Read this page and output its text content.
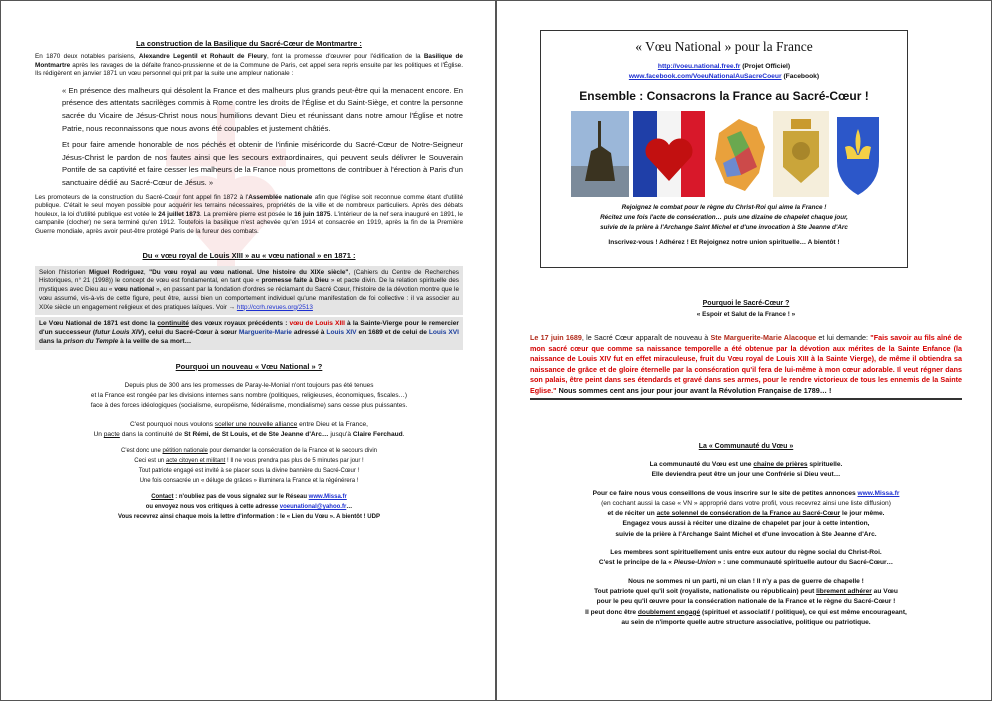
La construction de la Basilique du Sacré-Cœur de Montmartre :

En 1870 deux notables parisiens, Alexandre Legentil et Rohault de Fleury, font la promesse d'œuvrer pour l'édification de la Basilique de Montmartre après les ravages de la défaite franco-prussienne et de la Commune de Paris, cet appel sera repris ensuite par les politiques et l'Église. Ils rédigèrent en janvier 1871 un vœu personnel qui prit par la suite une ampleur nationale :

« En présence des malheurs qui désolent la France et des malheurs plus grands peut-être qui la menacent encore. En présence des attentats sacrilèges commis à Rome contre les droits de l'Église et du Saint-Siège, et contre la personne sacrée du Vicaire de Jésus-Christ nous nous humilions devant Dieu et réunissant dans notre amour l'Église et notre Patrie, nous reconnaissons que nous avons été coupables et justement châtiés.

Et pour faire amende honorable de nos péchés et obtenir de l'infinie miséricorde du Sacré-Cœur de Notre-Seigneur Jésus-Christ le pardon de nos fautes ainsi que les secours extraordinaires, qui peuvent seuls délivrer le Souverain Pontife de sa captivité et faire cesser les malheurs de la France nous promettons de contribuer à l'érection à Paris d'un sanctuaire dédié au Sacré-Cœur de Jésus. »

Les promoteurs de la construction du Sacré-Cœur font appel fin 1872 à l'Assemblée nationale afin que l'église soit reconnue comme étant d'utilité publique. C'était le seul moyen possible pour acquérir les terrains nécessaires, propriétés de la ville et de nombreux particuliers. Après des débats houleux, la loi d'utilité publique est votée le 24 juillet 1873. La première pierre est posée le 16 juin 1875. L'intérieur de la nef sera inauguré en 1891, le campanile (clocher) ne sera terminé qu'en 1912. Toutefois la basilique n'est achevée qu'en 1914 et consacrée en 1919, après la fin de la Première Guerre mondiale, après avoir peut-être protégé Paris de la fureur des combats.

Du « vœu royal de Louis XIII » au « vœu national » en 1871 :
Selon l'historien Miguel Rodriguez, "Du vœu royal au vœu national. Une histoire du XIXe siècle", (Cahiers du Centre de Recherches Historiques, n° 21 (1998)) le concept de vœu est fondamental, en tant que « promesse faite à Dieu » et pacte divin. De la relation spirituelle des mystiques avec Dieu au « vœu national », en passant par la fondation d'ordres se réclamant du Sacré Cœur, l'histoire de la dévotion montre que le vœu assumé, vis-à-vis de cette figure, peut être, aussi bien un comportement individuel qu'une manifestation de foi collective : il va associer au XIXe siècle un engagement religieux et des pratiques laïques. Voir → http://ccrh.revues.org/2513
Le Vœu National de 1871 est donc la continuité des vœux royaux précédents : vœu de Louis XIII à la Sainte-Vierge pour le remercier d'un successeur (futur Louis XIV), celui du Sacré-Cœur à sœur Marguerite-Marie adressé à Louis XIV en 1689 et de celui de Louis XVI dans la prison du Temple à la veille de sa mort…
Pourquoi un nouveau « Vœu National » ?
Depuis plus de 300 ans les promesses de Paray-le-Monial n'ont toujours pas été tenues
et la France est rongée par les divisions internes sans nombre (politiques, religieuses, économiques, fiscales…)
face à des forces idéologiques (socialisme, européisme, fédéralisme, mondialisme) sans cesse plus puissantes.
C'est pourquoi nous voulons sceller une nouvelle alliance entre Dieu et la France,
Un pacte dans la continuité de St Rémi, de St Louis, et de Ste Jeanne d'Arc… jusqu'à Claire Ferchaud.
C'est donc une pétition nationale pour demander la consécration de la France et le secours divin
Ceci est un acte citoyen et militant ! Il ne vous prendra pas plus de 5 minutes par jour !
Tout patriote engagé est invité à se placer sous la divine bannière du Sacré-Cœur !
Une fois consacrée un « déluge de grâces » illuminera la France et la régénérera !
Contact : n'oubliez pas de vous signalez sur le Réseau www.Missa.fr
ou envoyez nous vos critiques à cette adresse voeunational@yahoo.fr…
Vous recevrez ainsi chaque mois la lettre d'information : le « Lien du Vœu ». A bientôt ! UDP
« Vœu National » pour la France
http://voeu.national.free.fr (Projet Officiel)
www.facebook.com/VoeuNationalAuSacreCoeur (Facebook)
Ensemble : Consacrons la France au Sacré-Cœur !
Rejoignez le combat pour le règne du Christ-Roi qui aime la France !
Récitez une fois l'acte de consécration… puis une dizaine de chapelet chaque jour,
suivie de la prière à l'Archange Saint Michel et d'une invocation à Ste Jeanne d'Arc
Inscrivez-vous ! Adhérez ! Et Rejoignez notre union spirituelle… A bientôt !
Pourquoi le Sacré-Cœur ?
« Espoir et Salut de la France ! »
Le 17 juin 1689, le Sacré Cœur apparaît de nouveau à Ste Marguerite-Marie Alacoque et lui demande: "Fais savoir au fils aîné de mon sacré cœur que comme sa naissance temporelle a été obtenue par la dévotion aux mérites de la Sainte Enfance (la naissance de Louis XIV fut en effet miraculeuse, fruit du Vœu royal de Louis XIII à la Sainte Vierge), de même il obtiendra sa naissance de grâce et de gloire éternelle par la consécration qu'il fera de lui-même à mon cœur adorable. Il veut régner dans son palais, être peint dans ses étendards et gravé dans ses armes, pour le rendre victorieux de tous les ennemis de la Sainte Eglise." Nous sommes cent ans jour pour jour avant la Révolution Française de 1789… !
La « Communauté du Vœu »
La communauté du Vœu est une chaîne de prières spirituelle.
Elle deviendra peut être un jour une Confrérie si Dieu veut…
Pour ce faire nous vous conseillons de vous inscrire sur le site de petites annonces www.Missa.fr
(en cochant aussi la case « VN » approprié dans votre profil, vous recevrez ainsi une liste diffusion)
et de réciter un acte solennel de consécration de la France au Sacré-Cœur le jour même.
Engagez vous aussi à réciter une dizaine de chapelet par jour à cette intention,
suivie de la prière à l'Archange Saint Michel et d'une invocation à Ste Jeanne d'Arc.
Les membres sont spirituellement unis entre eux autour du règne social du Christ-Roi.
C'est le principe de la « Pieuse-Union » : une communauté spirituelle autour du Sacré-Cœur…
Nous ne sommes ni un parti, ni un clan ! Il n'y a pas de guerre de chapelle !
Tout patriote quel qu'il soit (royaliste, nationaliste ou républicain) peut librement adhérer au Vœu
pour le peu qu'il œuvre pour la consécration nationale de la France et le règne du Sacré-Cœur !
Il peut donc être doublement engagé (spirituel et associatif / politique), ce qui est même encourageant,
au sein de n'importe quelle autre structure associative, politique ou patriotique.
